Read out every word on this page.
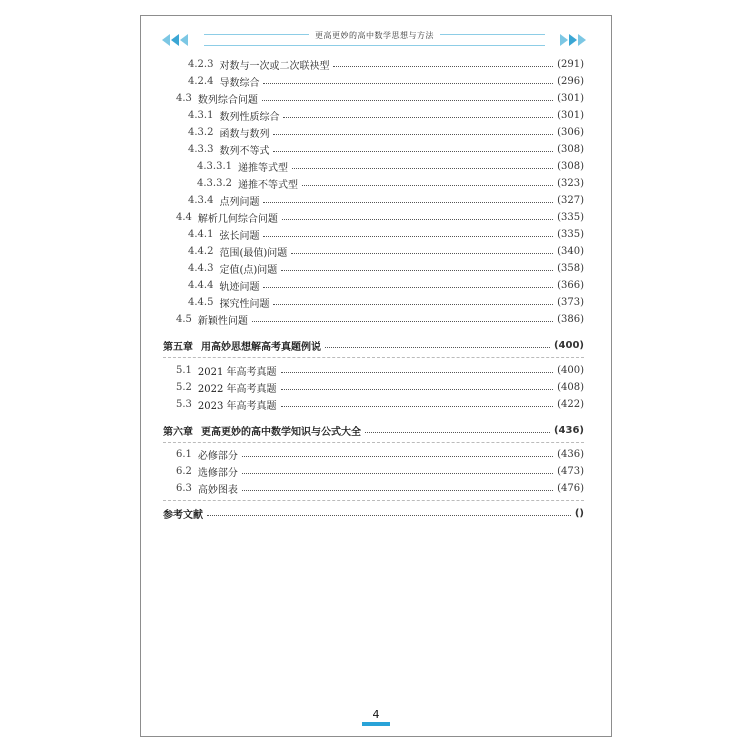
更高更妙的高中数学思想与方法
4.2.3 对数与一次或二次联袂型	(291)
4.2.4 导数综合	(296)
4.3 数列综合问题	(301)
4.3.1 数列性质综合	(301)
4.3.2 函数与数列	(306)
4.3.3 数列不等式	(308)
4.3.3.1 递推等式型	(308)
4.3.3.2 递推不等式型	(323)
4.3.4 点列问题	(327)
4.4 解析几何综合问题	(335)
4.4.1 弦长问题	(335)
4.4.2 范围(最值)问题	(340)
4.4.3 定值(点)问题	(358)
4.4.4 轨迹问题	(366)
4.4.5 探究性问题	(373)
4.5 新颖性问题	(386)
第五章 用高妙思想解高考真题例说	(400)
5.1 2021 年高考真题	(400)
5.2 2022 年高考真题	(408)
5.3 2023 年高考真题	(422)
第六章 更高更妙的高中数学知识与公式大全	(436)
6.1 必修部分	(436)
6.2 选修部分	(473)
6.3 高妙图表	(476)
参考文献	()
4
